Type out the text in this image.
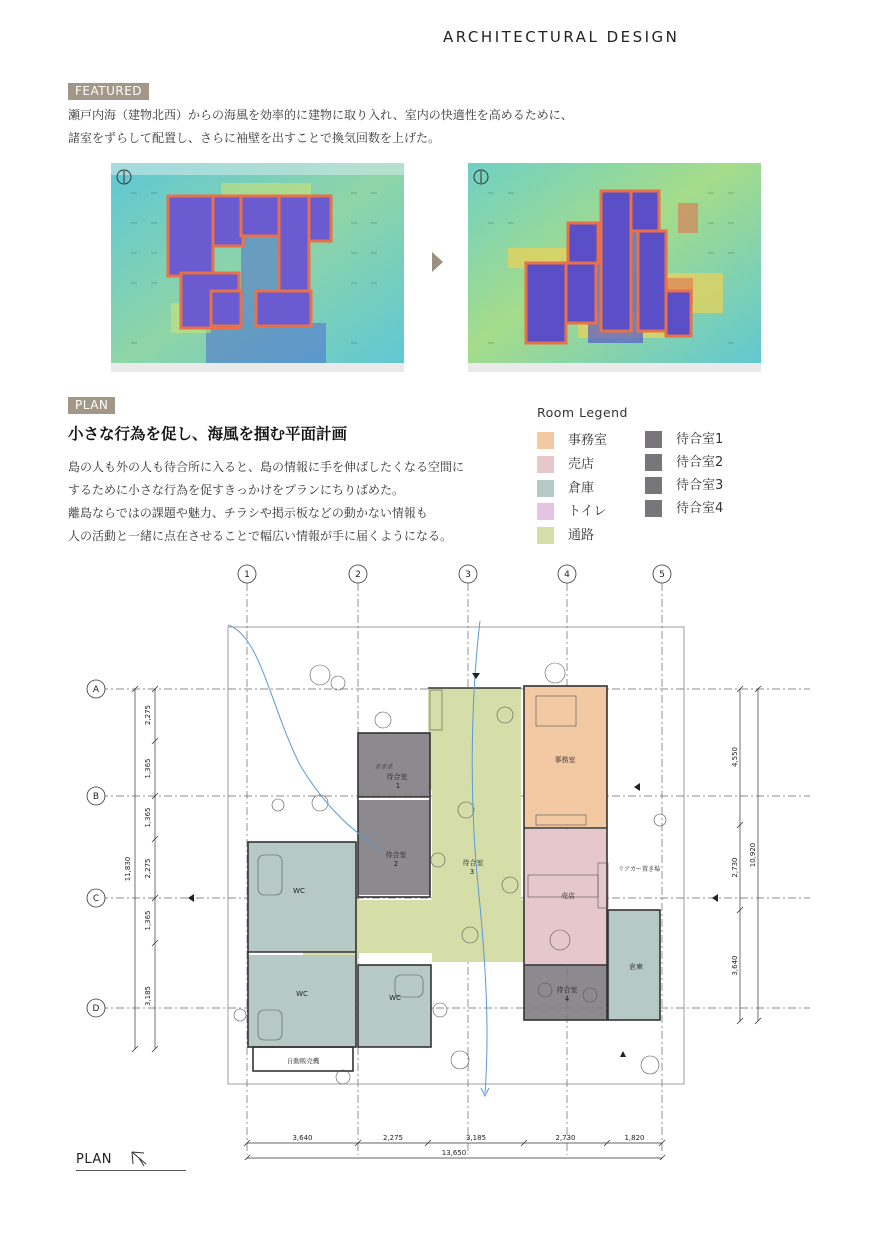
ARCHITECTURAL DESIGN
FEATURED
瀬戸内海（建物北西）からの海風を効率的に建物に取り入れ、室内の快適性を高めるために、
諸室をずらして配置し、さらに袖壁を出すことで換気回数を上げた。
PLAN
小さな行為を促し、海風を掴む平面計画
島の人も外の人も待合所に入ると、島の情報に手を伸ばしたくなる空間に
するために小さな行為を促すきっかけをプランにちりばめた。
離島ならではの課題や魅力、チラシや掲示板などの動かない情報も
人の活動と一緒に点在させることで幅広い情報が手に届くようになる。
Room Legend
事務室
売店
倉庫
トイレ
通路
待合室1
待合室2
待合室3
待合室4
1	2	3	4	5
A
B
C
D
3,640	2,275	3,185	2,730	1,820
13,650
2,275
1,365
1,365
2,275
1,365
3,185
11,830
4,550
2,730
3,640
10,920
事務室
ポポポ
待合室
1
待合室
2	待合室
3
売店
待合室
4
倉庫
WC
WC	WC
自動販売機
リアカー置き場
PLAN
